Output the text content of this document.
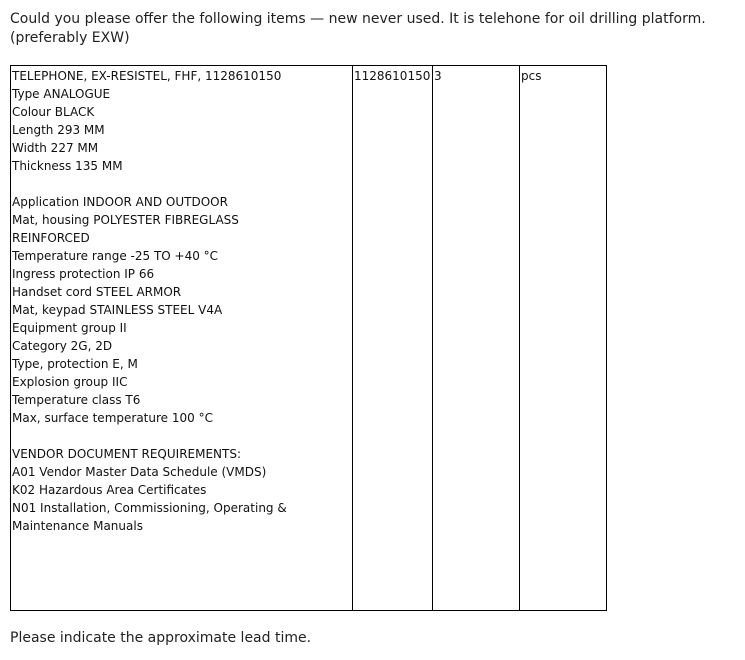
Could you please offer the following items — new never used. It is telehone for oil drilling platform.

(preferably EXW)

TELEPHONE, EX-RESISTEL, FHF, 1128610150
Type ANALOGUE
Colour BLACK
Length 293 MM
Width 227 MM
Thickness 135 MM
Application INDOOR AND OUTDOOR
Mat, housing POLYESTER FIBREGLASS
REINFORCED
Temperature range -25 TO +40 °C
Ingress protection IP 66
Handset cord STEEL ARMOR
Mat, keypad STAINLESS STEEL V4A
Equipment group II
Category 2G, 2D
Type, protection E, M
Explosion group IIC
Temperature class T6
Max, surface temperature 100 °C
VENDOR DOCUMENT REQUIREMENTS:
A01 Vendor Master Data Schedule (VMDS)
K02 Hazardous Area Certificates
N01 Installation, Commissioning, Operating &
Maintenance Manuals
	1128610150	3	pcs

Please indicate the approximate lead time.
